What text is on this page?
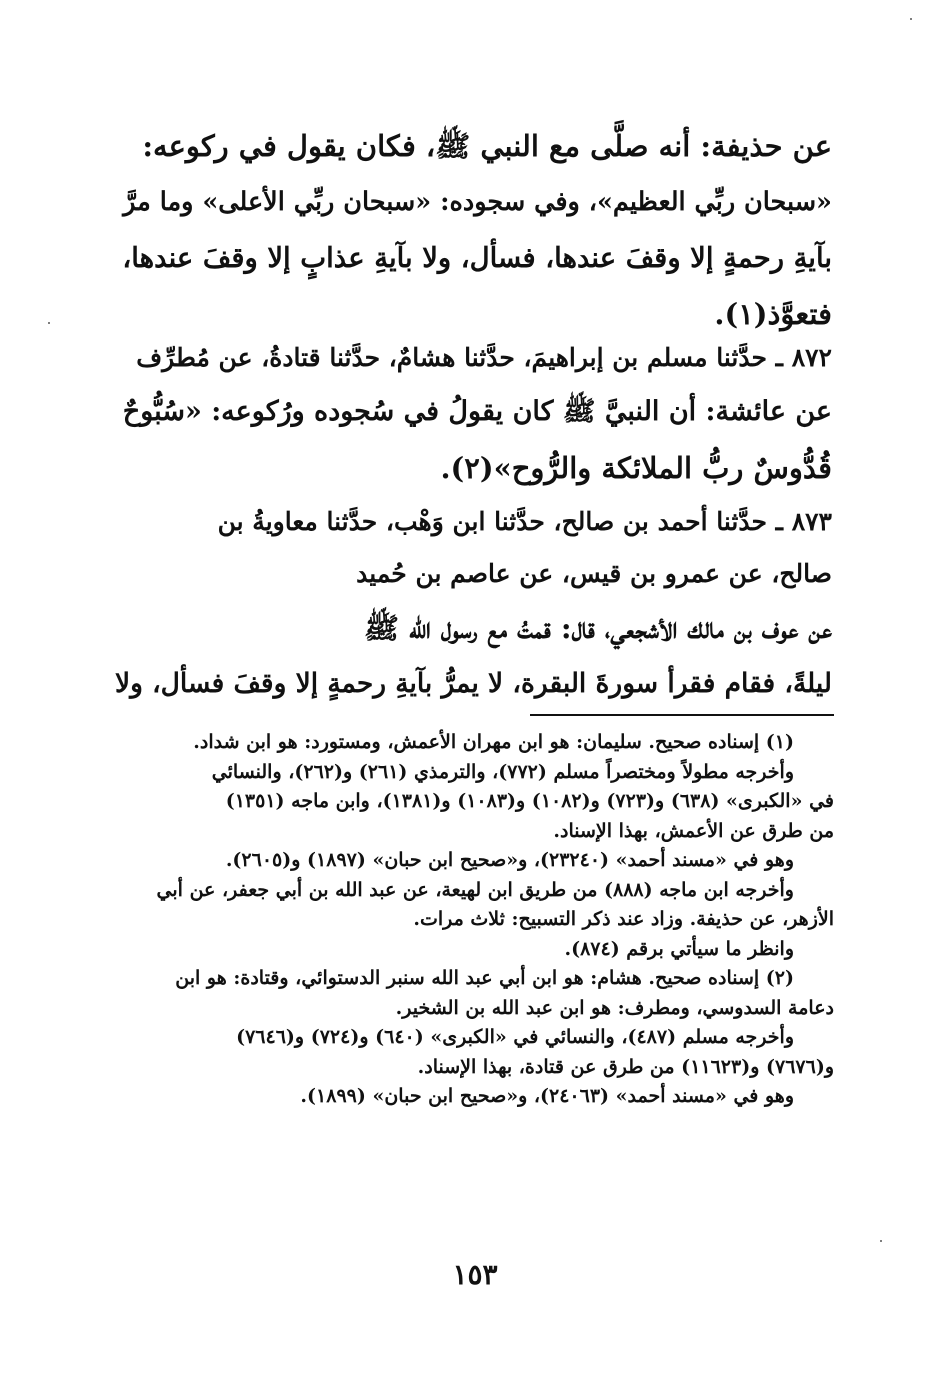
عن حذيفة: أنه صلَّى مع النبي ﷺ، فكان يقول في ركوعه:
«سبحان ربِّي العظيم»، وفي سجوده: «سبحان ربِّي الأعلى» وما مرَّ
بآيةِ رحمةٍ إلا وقفَ عندها، فسأل، ولا بآيةِ عذابٍ إلا وقفَ عندها،
فتعوَّذ(١).
٨٧٢ ـ حدَّثنا مسلم بن إبراهيمَ، حدَّثنا هشامٌ، حدَّثنا قتادةُ، عن مُطرِّف
عن عائشة: أن النبيَّ ﷺ كان يقولُ في سُجوده ورُكوعه: «سُبُّوحٌ
قُدُّوسٌ ربُّ الملائكة والرُّوح»(٢).
٨٧٣ ـ حدَّثنا أحمد بن صالح، حدَّثنا ابن وَهْب، حدَّثنا معاويةُ بن
صالح، عن عمرو بن قيس، عن عاصم بن حُميد
عن عوف بن مالك الأشجعي، قال: قمتُ مع رسول الله ﷺ
ليلةً، فقام فقرأ سورةَ البقرة، لا يمرُّ بآيةِ رحمةٍ إلا وقفَ فسأل، ولا
(١) إسناده صحيح. سليمان: هو ابن مهران الأعمش، ومستورد: هو ابن شداد.
وأخرجه مطولاً ومختصراً مسلم (٧٧٢)، والترمذي (٢٦١) و(٢٦٢)، والنسائي
في «الكبرى» (٦٣٨) و(٧٢٣) و(١٠٨٢) و(١٠٨٣) و(١٣٨١)، وابن ماجه (١٣٥١)
من طرق عن الأعمش، بهذا الإسناد.
وهو في «مسند أحمد» (٢٣٢٤٠)، و«صحيح ابن حبان» (١٨٩٧) و(٢٦٠٥).
وأخرجه ابن ماجه (٨٨٨) من طريق ابن لهيعة، عن عبد الله بن أبي جعفر، عن أبي
الأزهر، عن حذيفة. وزاد عند ذكر التسبيح: ثلاث مرات.
وانظر ما سيأتي برقم (٨٧٤).
(٢) إسناده صحيح. هشام: هو ابن أبي عبد الله سنبر الدستوائي، وقتادة: هو ابن
دعامة السدوسي، ومطرف: هو ابن عبد الله بن الشخير.
وأخرجه مسلم (٤٨٧)، والنسائي في «الكبرى» (٦٤٠) و(٧٢٤) و(٧٦٤٦)
و(٧٦٧٦) و(١١٦٢٣) من طرق عن قتادة، بهذا الإسناد.
وهو في «مسند أحمد» (٢٤٠٦٣)، و«صحيح ابن حبان» (١٨٩٩).
١٥٣
